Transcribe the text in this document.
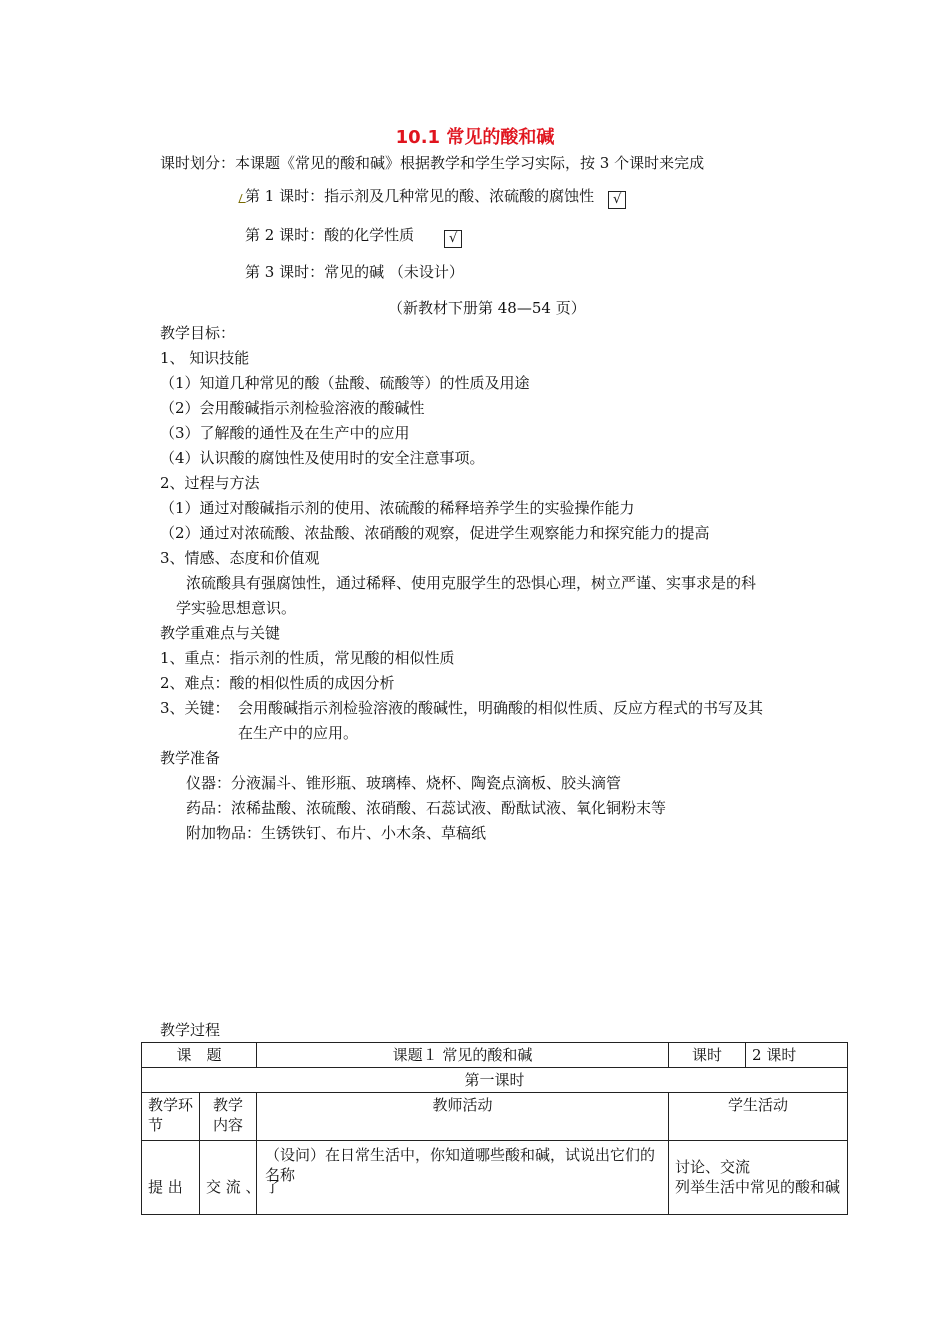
10.1 常见的酸和碱
课时划分：本课题《常见的酸和碱》根据教学和学生学习实际，按 3 个课时来完成
第 1 课时：指示剂及几种常见的酸、浓硫酸的腐蚀性 √
第 2 课时：酸的化学性质	√
第 3 课时：常见的碱 （未设计）
（新教材下册第 48—54 页）
教学目标：
1、 知识技能
（1）知道几种常见的酸（盐酸、硫酸等）的性质及用途
（2）会用酸碱指示剂检验溶液的酸碱性
（3）了解酸的通性及在生产中的应用
（4）认识酸的腐蚀性及使用时的安全注意事项。
2、过程与方法
（1）通过对酸碱指示剂的使用、浓硫酸的稀释培养学生的实验操作能力
（2）通过对浓硫酸、浓盐酸、浓硝酸的观察，促进学生观察能力和探究能力的提高
3、情感、态度和价值观
浓硫酸具有强腐蚀性，通过稀释、使用克服学生的恐惧心理，树立严谨、实事求是的科
学实验思想意识。
教学重难点与关键
1、重点：指示剂的性质，常见酸的相似性质
2、难点：酸的相似性质的成因分析
3、关键： 会用酸碱指示剂检验溶液的酸碱性，明确酸的相似性质、反应方程式的书写及其
在生产中的应用。
教学准备
仪器：分液漏斗、锥形瓶、玻璃棒、烧杯、陶瓷点滴板、胶头滴管
药品：浓稀盐酸、浓硫酸、浓硝酸、石蕊试液、酚酞试液、氧化铜粉末等
附加物品：生锈铁钉、布片、小木条、草稿纸
教学过程
课　题		课题１ 常见的酸和碱	课时	2 课时
第一课时				
教学环节	教学内容	教师活动	学生活动	
提 出	交 流 、 了	（设问）在日常生活中，你知道哪些酸和碱，试说出它们的名称	讨论、交流
列举生活中常见的酸和碱	
